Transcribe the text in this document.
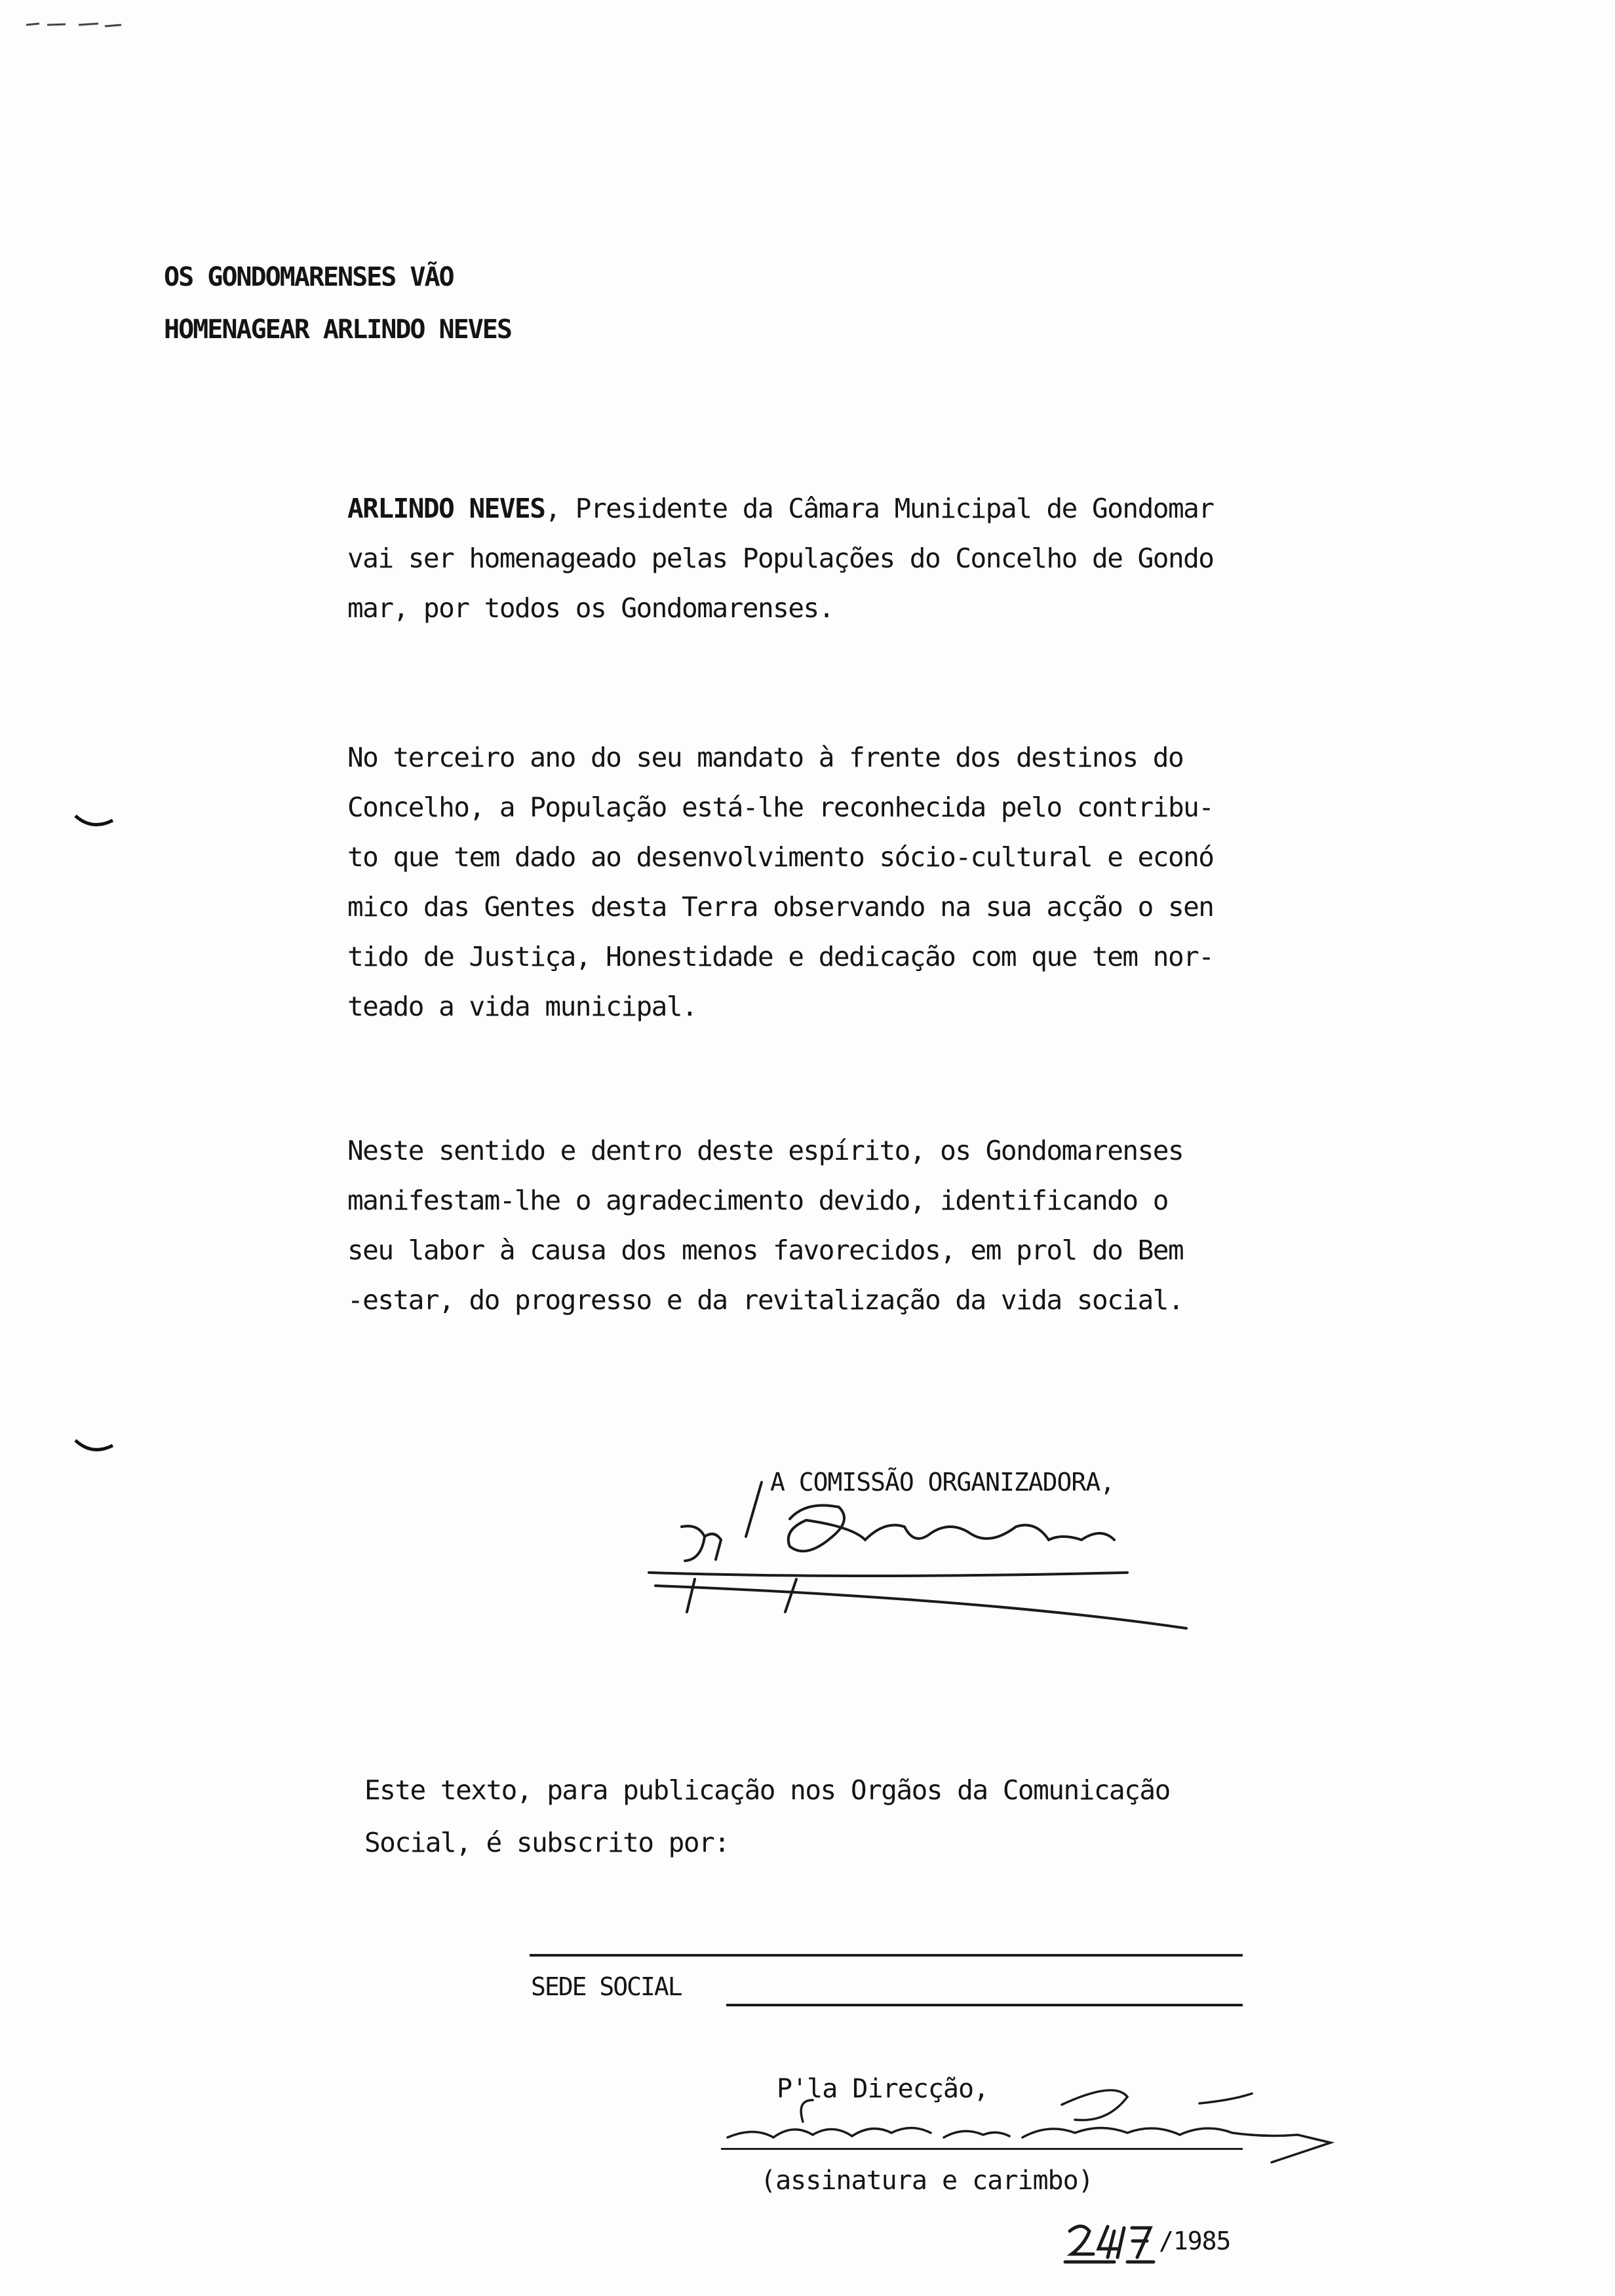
OS GONDOMARENSES VÃO
HOMENAGEAR ARLINDO NEVES
ARLINDO NEVES, Presidente da Câmara Municipal de Gondomar
vai ser homenageado pelas Populações do Concelho de Gondo
mar, por todos os Gondomarenses.
No terceiro ano do seu mandato à frente dos destinos do
Concelho, a População está-lhe reconhecida pelo contribu-
to que tem dado ao desenvolvimento sócio-cultural e econó
mico das Gentes desta Terra observando na sua acção o sen
tido de Justiça, Honestidade e dedicação com que tem nor-
teado a vida municipal.
Neste sentido e dentro deste espírito, os Gondomarenses
manifestam-lhe o agradecimento devido, identificando o
seu labor à causa dos menos favorecidos, em prol do Bem
-estar, do progresso e da revitalização da vida social.
A COMISSÃO ORGANIZADORA,
Este texto, para publicação nos Orgãos da Comunicação
Social, é subscrito por:
SEDE SOCIAL
P'la Direcção,
(assinatura e carimbo)
/1985
